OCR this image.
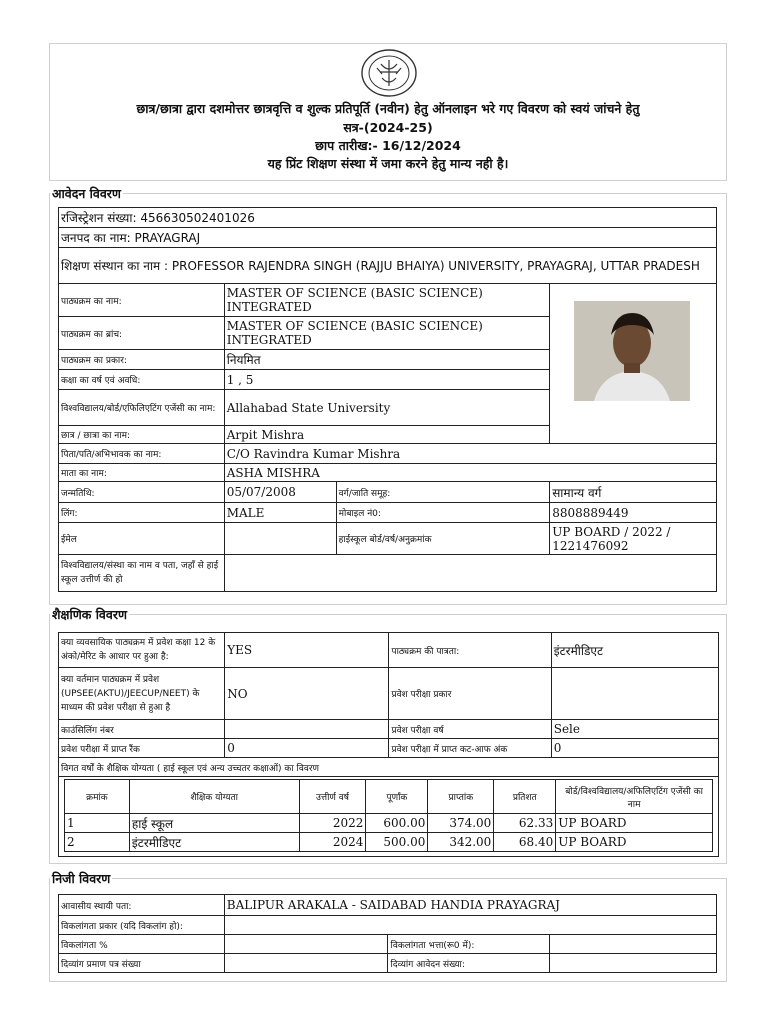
छात्र/छात्रा द्वारा दशमोत्तर छात्रवृत्ति व शुल्क प्रतिपूर्ति (नवीन) हेतु ऑनलाइन भरे गए विवरण को स्वयं जांचने हेतु
सत्र-(2024-25)
छाप तारीख:- 16/12/2024
यह प्रिंट शिक्षण संस्था में जमा करने हेतु मान्य नही है।
आवेदन विवरण
रजिस्ट्रेशन संख्या: 456630502401026			
जनपद का नाम: PRAYAGRAJ			
शिक्षण संस्थान का नाम : PROFESSOR RAJENDRA SINGH (RAJJU BHAIYA) UNIVERSITY, PRAYAGRAJ, UTTAR PRADESH			
पाठ्यक्रम का नाम:	MASTER OF SCIENCE (BASIC SCIENCE) INTEGRATED	

पाठ्यक्रम का ब्रांच:	MASTER OF SCIENCE (BASIC SCIENCE) INTEGRATED		
पाठ्यक्रम का प्रकार:	नियमित		
कक्षा का वर्ष एवं अवधि:	1 , 5		
विश्वविद्यालय/बोर्ड/एफिलिएटिंग एजेंसी का नाम:	Allahabad State University		
छात्र / छात्रा का नाम:	Arpit Mishra		
पिता/पति/अभिभावक का नाम:	C/O Ravindra Kumar Mishra		
माता का नाम:	ASHA MISHRA		
जन्मतिथि:	05/07/2008	वर्ग/जाति समूह:	सामान्य वर्ग
लिंग:	MALE	मोबाइल नं0:	8808889449
ईमेल		हाईस्कूल बोर्ड/वर्ष/अनुक्रमांक	UP BOARD / 2022 / 1221476092
विश्वविद्यालय/संस्था का नाम व पता, जहाँ से हाई स्कूल उत्तीर्ण की हो			
शैक्षणिक विवरण
क्या व्यवसायिक पाठ्यक्रम में प्रवेश कक्षा 12 के अंको/मेरिट के आधार पर हुआ है:	YES	पाठ्यक्रम की पात्रता:	इंटरमीडिएट
क्या वर्तमान पाठ्यक्रम में प्रवेश (UPSEE(AKTU)/JEECUP/NEET) के माध्यम की प्रवेश परीक्षा से हुआ है	NO	प्रवेश परीक्षा प्रकार	
काउंसिलिंग नंबर		प्रवेश परीक्षा वर्ष	Sele
प्रवेश परीक्षा में प्राप्त रैंक	0	प्रवेश परीक्षा में प्राप्त कट-आफ अंक	0
विगत वर्षों के शैक्षिक योग्यता ( हाई स्कूल एवं अन्य उच्चतर कक्षाओं) का विवरण

क्रमांक	शैक्षिक योग्यता	उत्तीर्ण वर्ष	पूर्णांक	प्राप्तांक	प्रतिशत	बोर्ड/विश्वविद्यालय/अफिलिएटिंग एजेंसी का नाम
1	हाई स्कूल	2022	600.00	374.00	62.33	UP BOARD
2	इंटरमीडिएट	2024	500.00	342.00	68.40	UP BOARD
निजी विवरण
आवासीय स्थायी पता:	BALIPUR ARAKALA - SAIDABAD HANDIA PRAYAGRAJ		
विकलांगता प्रकार (यदि विकलांग हो):			
विकलांगता %		विकलांगता भत्ता(रू0 में):	
दिव्यांग प्रमाण पत्र संख्या		दिव्यांग आवेदन संख्या:	
